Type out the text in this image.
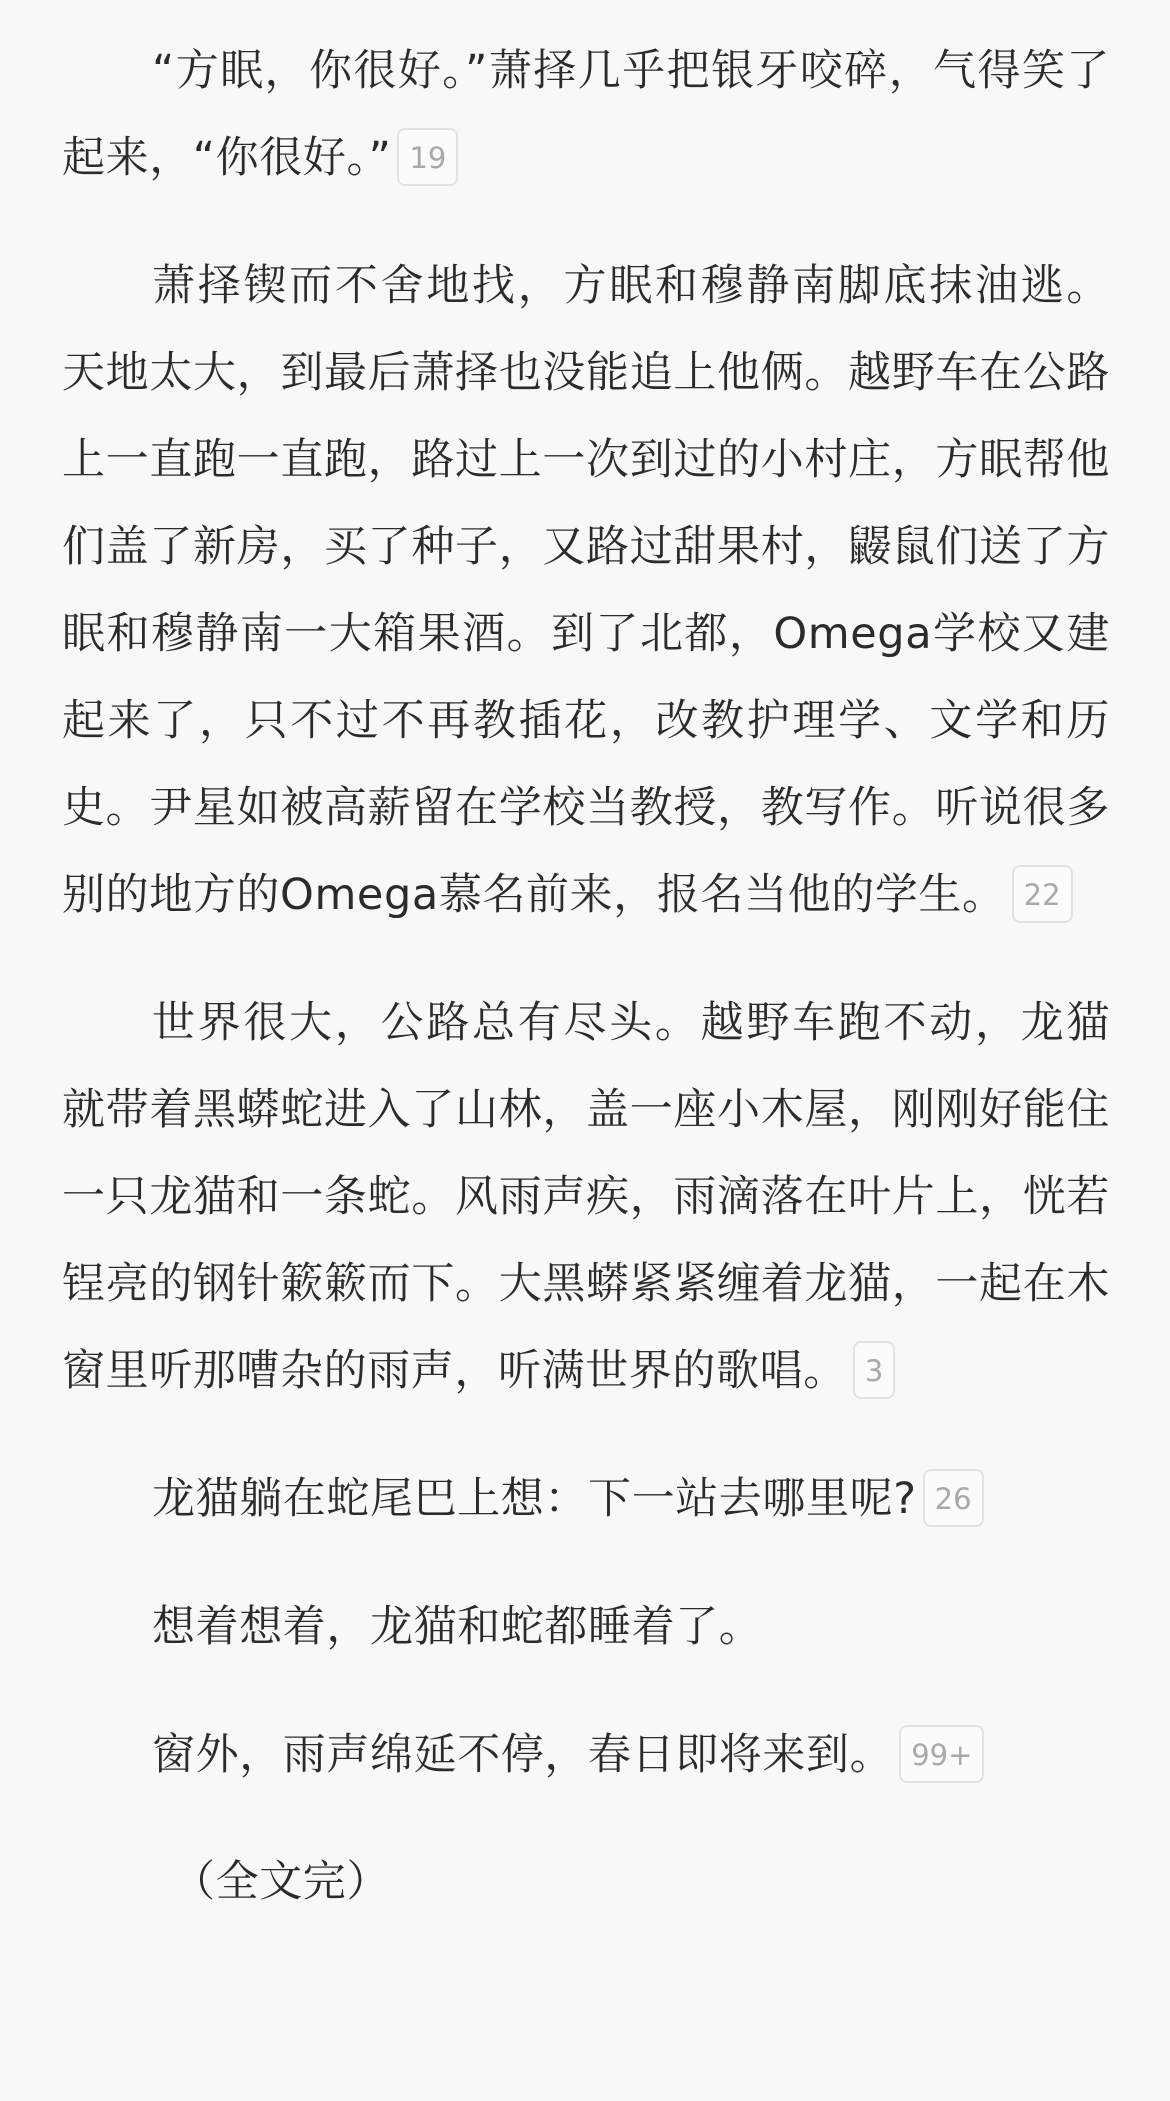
“方眠，你很好。”萧择几乎把银牙咬碎，气得笑了起来，“你很好。” 19

萧择锲而不舍地找，方眠和穆静南脚底抹油逃。天地太大，到最后萧择也没能追上他俩。越野车在公路上一直跑一直跑，路过上一次到过的小村庄，方眠帮他们盖了新房，买了种子，又路过甜果村，鼹鼠们送了方眠和穆静南一大箱果酒。到了北都，Omega学校又建起来了，只不过不再教插花，改教护理学、文学和历史。尹星如被高薪留在学校当教授，教写作。听说很多别的地方的Omega慕名前来，报名当他的学生。 22

世界很大，公路总有尽头。越野车跑不动，龙猫就带着黑蟒蛇进入了山林，盖一座小木屋，刚刚好能住一只龙猫和一条蛇。风雨声疾，雨滴落在叶片上，恍若锃亮的钢针簌簌而下。大黑蟒紧紧缠着龙猫，一起在木窗里听那嘈杂的雨声，听满世界的歌唱。 3

龙猫躺在蛇尾巴上想：下一站去哪里呢? 26

想着想着，龙猫和蛇都睡着了。

窗外，雨声绵延不停，春日即将来到。 99+

（全文完）
